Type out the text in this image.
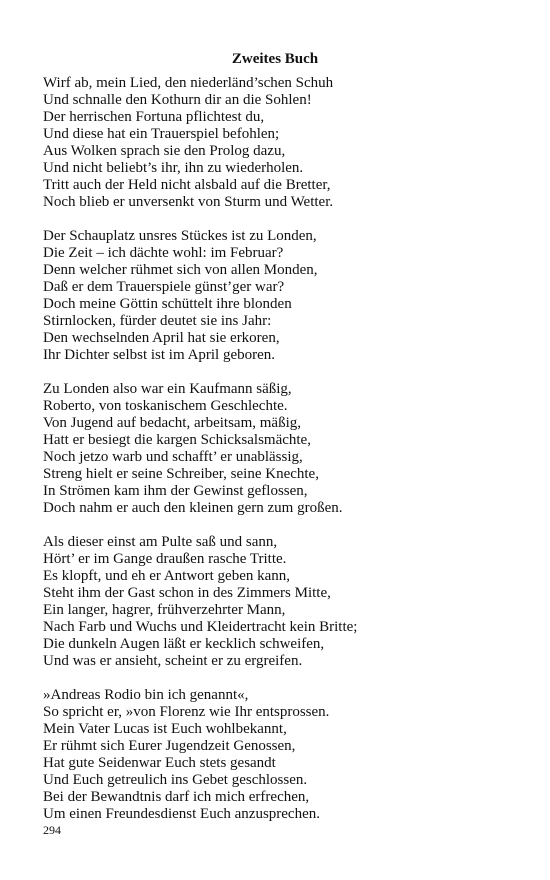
Zweites Buch
Wirf ab, mein Lied, den niederländ’schen Schuh
Und schnalle den Kothurn dir an die Sohlen!
Der herrischen Fortuna pflichtest du,
Und diese hat ein Trauerspiel befohlen;
Aus Wolken sprach sie den Prolog dazu,
Und nicht beliebt’s ihr, ihn zu wiederholen.
Tritt auch der Held nicht alsbald auf die Bretter,
Noch blieb er unversenkt von Sturm und Wetter.
Der Schauplatz unsres Stückes ist zu Londen,
Die Zeit – ich dächte wohl: im Februar?
Denn welcher rühmet sich von allen Monden,
Daß er dem Trauerspiele günst’ger war?
Doch meine Göttin schüttelt ihre blonden
Stirnlocken, fürder deutet sie ins Jahr:
Den wechselnden April hat sie erkoren,
Ihr Dichter selbst ist im April geboren.
Zu Londen also war ein Kaufmann säßig,
Roberto, von toskanischem Geschlechte.
Von Jugend auf bedacht, arbeitsam, mäßig,
Hatt er besiegt die kargen Schicksalsmächte,
Noch jetzo warb und schafft’ er unablässig,
Streng hielt er seine Schreiber, seine Knechte,
In Strömen kam ihm der Gewinst geflossen,
Doch nahm er auch den kleinen gern zum großen.
Als dieser einst am Pulte saß und sann,
Hört’ er im Gange draußen rasche Tritte.
Es klopft, und eh er Antwort geben kann,
Steht ihm der Gast schon in des Zimmers Mitte,
Ein langer, hagrer, frühverzehrter Mann,
Nach Farb und Wuchs und Kleidertracht kein Britte;
Die dunkeln Augen läßt er kecklich schweifen,
Und was er ansieht, scheint er zu ergreifen.
»Andreas Rodio bin ich genannt«,
So spricht er, »von Florenz wie Ihr entsprossen.
Mein Vater Lucas ist Euch wohlbekannt,
Er rühmt sich Eurer Jugendzeit Genossen,
Hat gute Seidenwar Euch stets gesandt
Und Euch getreulich ins Gebet geschlossen.
Bei der Bewandtnis darf ich mich erfrechen,
Um einen Freundesdienst Euch anzusprechen.
294
